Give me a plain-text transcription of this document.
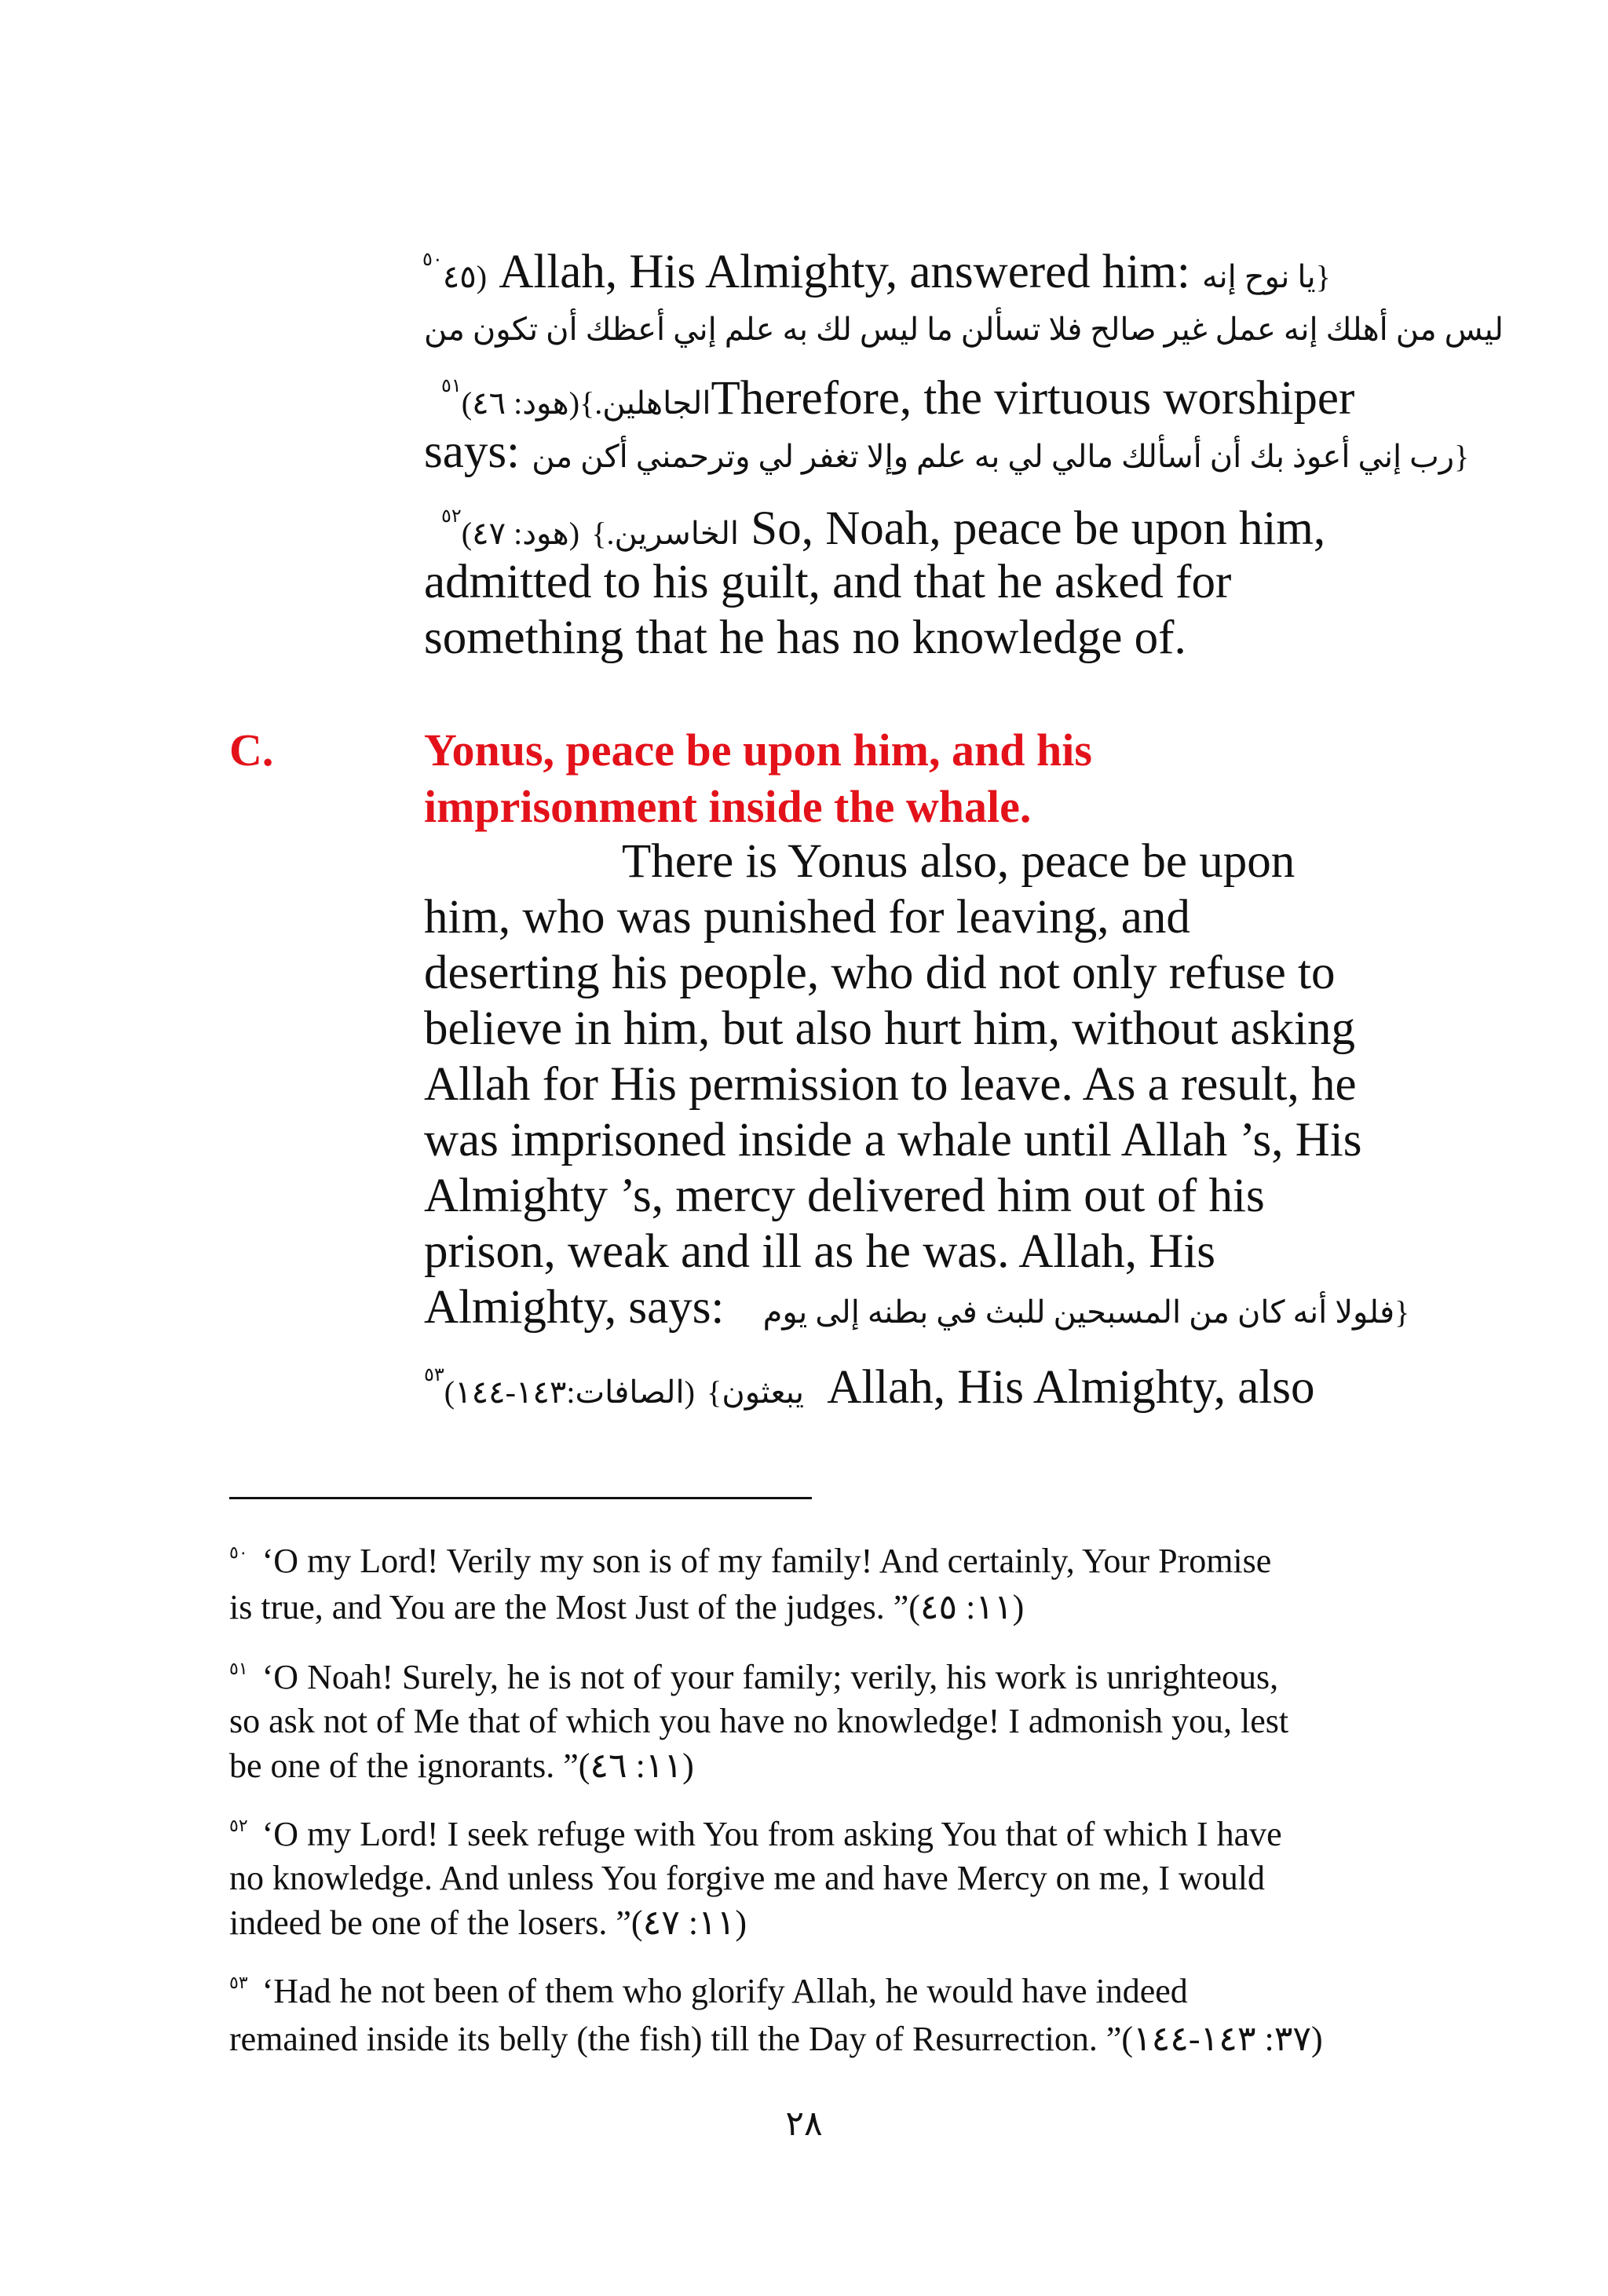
$^{٥٠}$(٤٥ Allah, His Almighty, answered him: {يا نوح إنه
ليس من أهلك إنه عمل غير صالح فلا تسألن ما ليس لك به علم إني أعظك أن تكون من
$^{٥١}$(هود: ٤٦)الجاهلين.}Therefore, the virtuous worshiper
says: {رب إني أعوذ بك أن أسألك مالي لي به علم وإلا تغفر لي وترحمني أكن من
$^{٥٢}$(هود: ٤٧) الخاسرين.} So, Noah, peace be upon him,
admitted to his guilt, and that he asked for
something that he has no knowledge of.
C.	Yonus, peace be upon him, and his
imprisonment inside the whale.
There is Yonus also, peace be upon
him, who was punished for leaving, and
deserting his people, who did not only refuse to
believe in him, but also hurt him, without asking
Allah for His permission to leave. As a result, he
was imprisoned inside a whale until Allah ’s, His
Almighty ’s, mercy delivered him out of his
prison, weak and ill as he was. Allah, His
Almighty, says: {فلولا أنه كان من المسبحين للبث في بطنه إلى يوم
$^{٥٣}$(الصافات:١٤٣-١٤٤) يبعثون} Allah, His Almighty, also
$^{٥٠}$ ‘O my Lord! Verily my son is of my family! And certainly, Your Promise
is true, and You are the Most Just of the judges. ”(١١: ٤٥)
$^{٥١}$ ‘O Noah! Surely, he is not of your family; verily, his work is unrighteous,
so ask not of Me that of which you have no knowledge! I admonish you, lest
be one of the ignorants. ”(١١: ٤٦)
$^{٥٢}$ ‘O my Lord! I seek refuge with You from asking You that of which I have
no knowledge. And unless You forgive me and have Mercy on me, I would
indeed be one of the losers. ”(١١: ٤٧)
$^{٥٣}$ ‘Had he not been of them who glorify Allah, he would have indeed
remained inside its belly (the fish) till the Day of Resurrection. ”(٣٧: ١٤٣-١٤٤)
٢٨
